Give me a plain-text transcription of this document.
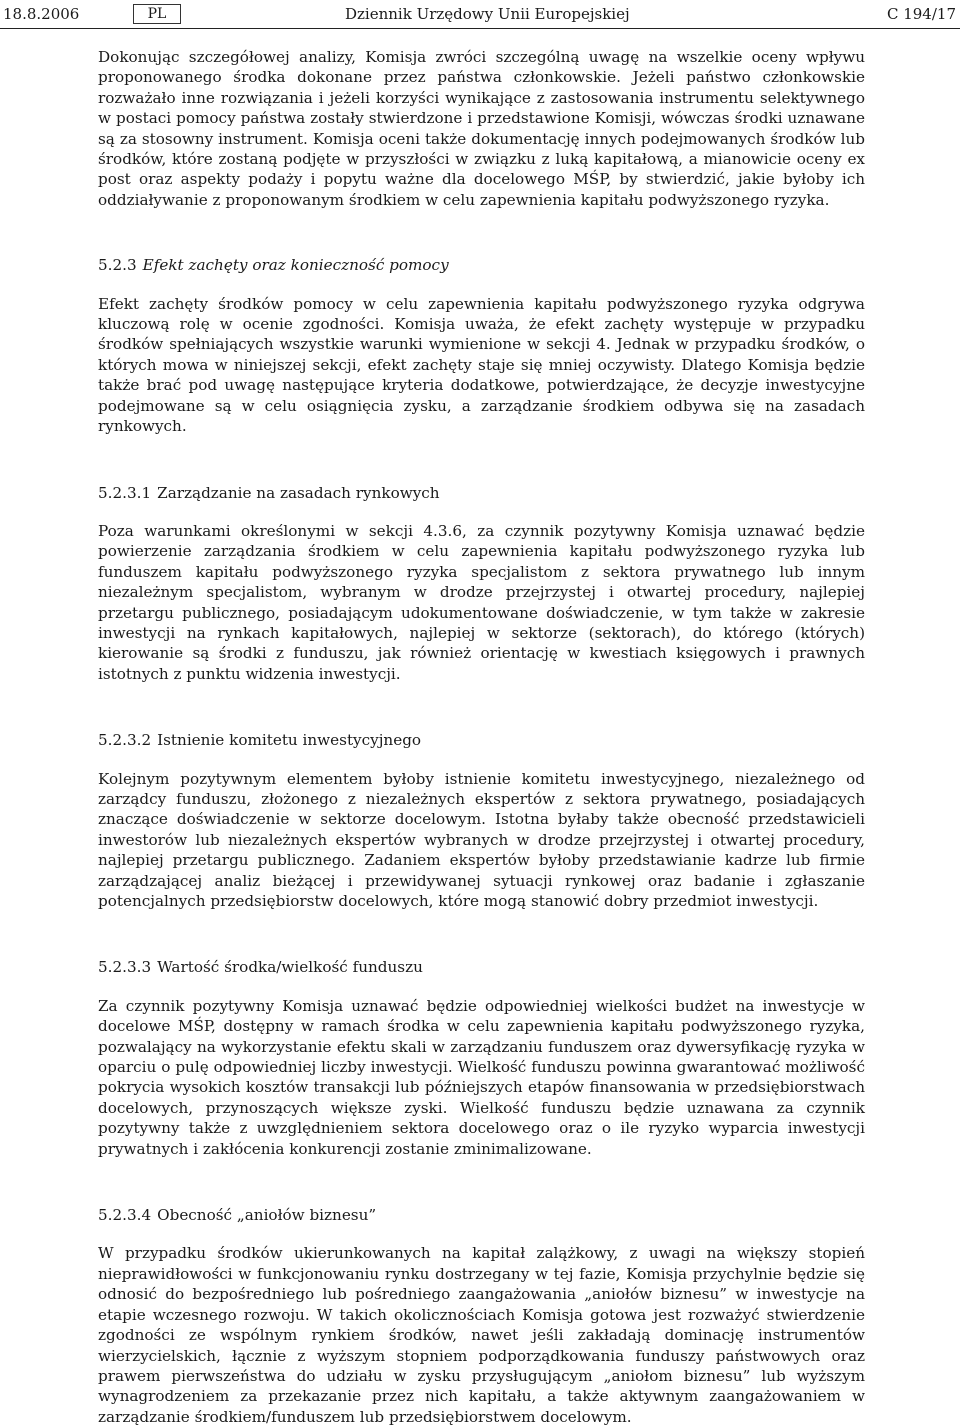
18.8.2006	PL	Dziennik Urzędowy Unii Europejskiej	C 194/17

Dokonując szczegółowej analizy, Komisja zwróci szczególną uwagę na wszelkie oceny wpływu proponowanego środka dokonane przez państwa członkowskie. Jeżeli państwo członkowskie rozważało inne rozwiązania i jeżeli korzyści wynikające z zastosowania instrumentu selektywnego w postaci pomocy państwa zostały stwierdzone i przedstawione Komisji, wówczas środki uznawane są za stosowny instrument. Komisja oceni także dokumentację innych podejmowanych środków lub środków, które zostaną podjęte w przyszłości w związku z luką kapitałową, a mianowicie oceny ex post oraz aspekty podaży i popytu ważne dla docelowego MŚP, by stwierdzić, jakie byłoby ich oddziaływanie z proponowanym środkiem w celu zapewnienia kapitału podwyższonego ryzyka.

5.2.3 Efekt zachęty oraz konieczność pomocy

Efekt zachęty środków pomocy w celu zapewnienia kapitału podwyższonego ryzyka odgrywa kluczową rolę w ocenie zgodności. Komisja uważa, że efekt zachęty występuje w przypadku środków spełniających wszystkie warunki wymienione w sekcji 4. Jednak w przypadku środków, o których mowa w niniejszej sekcji, efekt zachęty staje się mniej oczywisty. Dlatego Komisja będzie także brać pod uwagę następujące kryteria dodatkowe, potwierdzające, że decyzje inwestycyjne podejmowane są w celu osiągnięcia zysku, a zarządzanie środkiem odbywa się na zasadach rynkowych.

5.2.3.1 Zarządzanie na zasadach rynkowych

Poza warunkami określonymi w sekcji 4.3.6, za czynnik pozytywny Komisja uznawać będzie powierzenie zarządzania środkiem w celu zapewnienia kapitału podwyższonego ryzyka lub funduszem kapitału podwyższonego ryzyka specjalistom z sektora prywatnego lub innym niezależnym specjalistom, wybranym w drodze przejrzystej i otwartej procedury, najlepiej przetargu publicznego, posiadającym udokumentowane doświadczenie, w tym także w zakresie inwestycji na rynkach kapitałowych, najlepiej w sektorze (sektorach), do którego (których) kierowanie są środki z funduszu, jak również orientację w kwestiach księgowych i prawnych istotnych z punktu widzenia inwestycji.

5.2.3.2 Istnienie komitetu inwestycyjnego

Kolejnym pozytywnym elementem byłoby istnienie komitetu inwestycyjnego, niezależnego od zarządcy funduszu, złożonego z niezależnych ekspertów z sektora prywatnego, posiadających znaczące doświadczenie w sektorze docelowym. Istotna byłaby także obecność przedstawicieli inwestorów lub niezależnych ekspertów wybranych w drodze przejrzystej i otwartej procedury, najlepiej przetargu publicznego. Zadaniem ekspertów byłoby przedstawianie kadrze lub firmie zarządzającej analiz bieżącej i przewidywanej sytuacji rynkowej oraz badanie i zgłaszanie potencjalnych przedsiębiorstw docelowych, które mogą stanowić dobry przedmiot inwestycji.

5.2.3.3 Wartość środka/wielkość funduszu

Za czynnik pozytywny Komisja uznawać będzie odpowiedniej wielkości budżet na inwestycje w docelowe MŚP, dostępny w ramach środka w celu zapewnienia kapitału podwyższonego ryzyka, pozwalający na wykorzystanie efektu skali w zarządzaniu funduszem oraz dywersyfikację ryzyka w oparciu o pulę odpowiedniej liczby inwestycji. Wielkość funduszu powinna gwarantować możliwość pokrycia wysokich kosztów transakcji lub późniejszych etapów finansowania w przedsiębiorstwach docelowych, przynoszących większe zyski. Wielkość funduszu będzie uznawana za czynnik pozytywny także z uwzględnieniem sektora docelowego oraz o ile ryzyko wyparcia inwestycji prywatnych i zakłócenia konkurencji zostanie zminimalizowane.

5.2.3.4 Obecność „aniołów biznesu”

W przypadku środków ukierunkowanych na kapitał zalążkowy, z uwagi na większy stopień nieprawidłowości w funkcjonowaniu rynku dostrzegany w tej fazie, Komisja przychylnie będzie się odnosić do bezpośredniego lub pośredniego zaangażowania „aniołów biznesu” w inwestycje na etapie wczesnego rozwoju. W takich okolicznościach Komisja gotowa jest rozważyć stwierdzenie zgodności ze wspólnym rynkiem środków, nawet jeśli zakładają dominację instrumentów wierzycielskich, łącznie z wyższym stopniem podporządkowania funduszy państwowych oraz prawem pierwszeństwa do udziału w zysku przysługującym „aniołom biznesu” lub wyższym wynagrodzeniem za przekazanie przez nich kapitału, a także aktywnym zaangażowaniem w zarządzanie środkiem/funduszem lub przedsiębiorstwem docelowym.
